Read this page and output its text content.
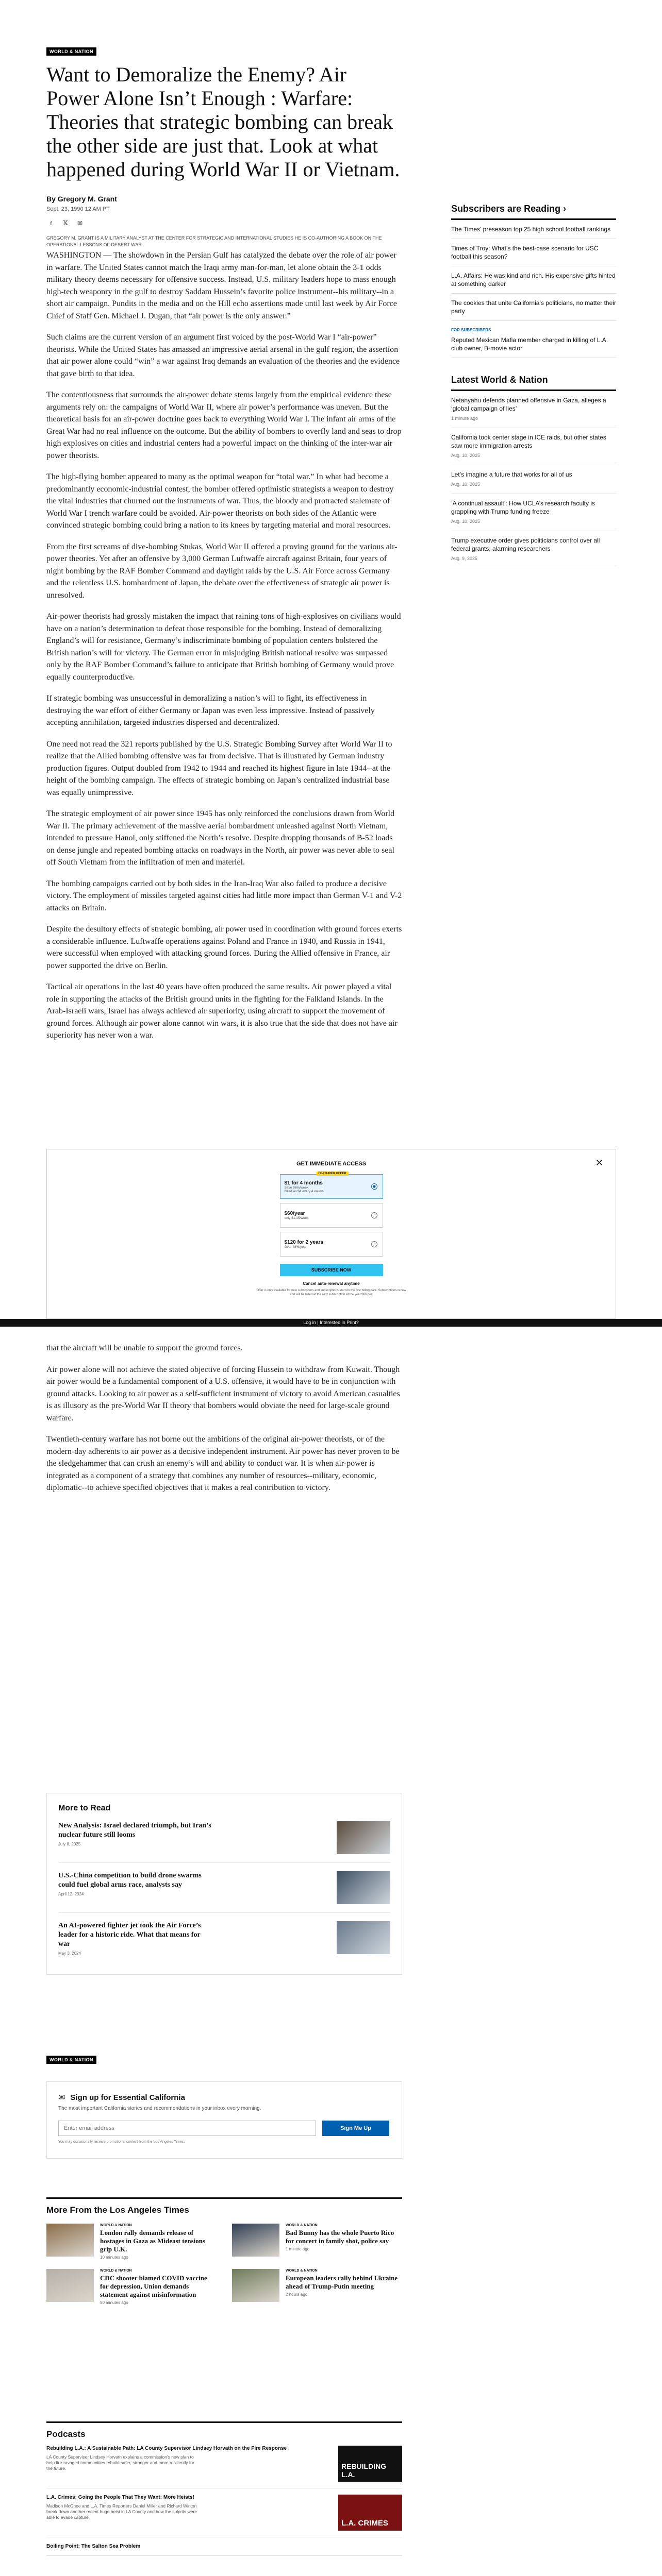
WORLD & NATION
Want to Demoralize the Enemy? Air Power Alone Isn’t Enough : Warfare: Theories that strategic bombing can break the other side are just that. Look at what happened during World War II or Vietnam.
By Gregory M. Grant
Sept. 23, 1990 12 AM PT
f	𝕏	✉
GREGORY M. GRANT IS A MILITARY ANALYST AT THE CENTER FOR STRATEGIC AND INTERNATIONAL STUDIES HE IS CO-AUTHORING A BOOK ON THE OPERATIONAL LESSONS OF DESERT WAR

WASHINGTON — The showdown in the Persian Gulf has catalyzed the debate over the role of air power in warfare. The United States cannot match the Iraqi army man-for-man, let alone obtain the 3-1 odds military theory deems necessary for offensive success. Instead, U.S. military leaders hope to mass enough high-tech weaponry in the gulf to destroy Saddam Hussein’s favorite police instrument--his military--in a short air campaign. Pundits in the media and on the Hill echo assertions made until last week by Air Force Chief of Staff Gen. Michael J. Dugan, that “air power is the only answer.”

Such claims are the current version of an argument first voiced by the post-World War I “air-power” theorists. While the United States has amassed an impressive aerial arsenal in the gulf region, the assertion that air power alone could “win” a war against Iraq demands an evaluation of the theories and the evidence that gave birth to that idea.

The contentiousness that surrounds the air-power debate stems largely from the empirical evidence these arguments rely on: the campaigns of World War II, where air power’s performance was uneven. But the theoretical basis for an air-power doctrine goes back to everything World War I. The infant air arms of the Great War had no real influence on the outcome. But the ability of bombers to overfly land and seas to drop high explosives on cities and industrial centers had a powerful impact on the thinking of the inter-war air power theorists.

The high-flying bomber appeared to many as the optimal weapon for “total war.” In what had become a predominantly economic-industrial contest, the bomber offered optimistic strategists a weapon to destroy the vital industries that churned out the instruments of war. Thus, the bloody and protracted stalemate of World War I trench warfare could be avoided. Air-power theorists on both sides of the Atlantic were convinced strategic bombing could bring a nation to its knees by targeting material and moral resources.

From the first screams of dive-bombing Stukas, World War II offered a proving ground for the various air-power theories. Yet after an offensive by 3,000 German Luftwaffe aircraft against Britain, four years of night bombing by the RAF Bomber Command and daylight raids by the U.S. Air Force across Germany and the relentless U.S. bombardment of Japan, the debate over the effectiveness of strategic air power is unresolved.

Air-power theorists had grossly mistaken the impact that raining tons of high-explosives on civilians would have on a nation’s determination to defeat those responsible for the bombing. Instead of demoralizing England’s will for resistance, Germany’s indiscriminate bombing of population centers bolstered the British nation’s will for victory. The German error in misjudging British national resolve was surpassed only by the RAF Bomber Command’s failure to anticipate that British bombing of Germany would prove equally counterproductive.

If strategic bombing was unsuccessful in demoralizing a nation’s will to fight, its effectiveness in destroying the war effort of either Germany or Japan was even less impressive. Instead of passively accepting annihilation, targeted industries dispersed and decentralized.

One need not read the 321 reports published by the U.S. Strategic Bombing Survey after World War II to realize that the Allied bombing offensive was far from decisive. That is illustrated by German industry production figures. Output doubled from 1942 to 1944 and reached its highest figure in late 1944--at the height of the bombing campaign. The effects of strategic bombing on Japan’s centralized industrial base was equally unimpressive.

The strategic employment of air power since 1945 has only reinforced the conclusions drawn from World War II. The primary achievement of the massive aerial bombardment unleashed against North Vietnam, intended to pressure Hanoi, only stiffened the North’s resolve. Despite dropping thousands of B-52 loads on dense jungle and repeated bombing attacks on roadways in the North, air power was never able to seal off South Vietnam from the infiltration of men and materiel.

The bombing campaigns carried out by both sides in the Iran-Iraq War also failed to produce a decisive victory. The employment of missiles targeted against cities had little more impact than German V-1 and V-2 attacks on Britain.

Despite the desultory effects of strategic bombing, air power used in coordination with ground forces exerts a considerable influence. Luftwaffe operations against Poland and France in 1940, and Russia in 1941, were successful when employed with attacking ground forces. During the Allied offensive in France, air power supported the drive on Berlin.

Tactical air operations in the last 40 years have often produced the same results. Air power played a vital role in supporting the attacks of the British ground units in the fighting for the Falkland Islands. In the Arab-Israeli wars, Israel has always achieved air superiority, using aircraft to support the movement of ground forces. Although air power alone cannot win wars, it is also true that the side that does not have air superiority has never won a war.

Subscribers are Reading ›
The Times’ preseason top 25 high school football rankings
Times of Troy: What’s the best-case scenario for USC football this season?
L.A. Affairs: He was kind and rich. His expensive gifts hinted at something darker
The cookies that unite California’s politicians, no matter their party
FOR SUBSCRIBERS
Reputed Mexican Mafia member charged in killing of L.A. club owner, B-movie actor
Latest World & Nation
Netanyahu defends planned offensive in Gaza, alleges a ‘global campaign of lies’
1 minute ago
California took center stage in ICE raids, but other states saw more immigration arrests
Aug. 10, 2025
Let’s imagine a future that works for all of us
Aug. 10, 2025
‘A continual assault’: How UCLA’s research faculty is grappling with Trump funding freeze
Aug. 10, 2025
Trump executive order gives politicians control over all federal grants, alarming researchers
Aug. 9, 2025
GET IMMEDIATE ACCESS	✕
FEATURED OFFER
$1 for 4 months
Save 96%/week
billed as $4 every 4 weeks
$60/year
only $1.15/week
$120 for 2 years
Over 48%/year
SUBSCRIBE NOW
Cancel auto-renewal anytime
Offer is only available for new subscribers and subscriptions start on the first billing date. Subscriptions renew and will be billed at the next subscription at the year $86 per.
Log in | Interested in Print?

that the aircraft will be unable to support the ground forces.

Air power alone will not achieve the stated objective of forcing Hussein to withdraw from Kuwait. Though air power would be a fundamental component of a U.S. offensive, it would have to be in conjunction with ground attacks. Looking to air power as a self-sufficient instrument of victory to avoid American casualties is as illusory as the pre-World War II theory that bombers would obviate the need for large-scale ground warfare.

Twentieth-century warfare has not borne out the ambitions of the original air-power theorists, or of the modern-day adherents to air power as a decisive independent instrument. Air power has never proven to be the sledgehammer that can crush an enemy’s will and ability to conduct war. It is when air-power is integrated as a component of a strategy that combines any number of resources--military, economic, diplomatic--to achieve specified objectives that it makes a real contribution to victory.

More to Read
New Analysis: Israel declared triumph, but Iran’s nuclear future still looms
July 8, 2025
U.S.-China competition to build drone swarms could fuel global arms race, analysts say
April 12, 2024
An AI-powered fighter jet took the Air Force’s leader for a historic ride. What that means for war
May 3, 2024
WORLD & NATION
✉ Sign up for Essential California
The most important California stories and recommendations in your inbox every morning.
Enter email address
Sign Me Up
You may occasionally receive promotional content from the Los Angeles Times.
More From the Los Angeles Times
WORLD & NATION
London rally demands release of hostages in Gaza as Mideast tensions grip U.K.
10 minutes ago
WORLD & NATION
Bad Bunny has the whole Puerto Rico for concert in family shot, police say
1 minute ago
WORLD & NATION
CDC shooter blamed COVID vaccine for depression, Union demands statement against misinformation
50 minutes ago
WORLD & NATION
European leaders rally behind Ukraine ahead of Trump-Putin meeting
2 hours ago
Podcasts
Rebuilding L.A.: A Sustainable Path: LA County Supervisor Lindsey Horvath on the Fire Response

LA County Supervisor Lindsey Horvath explains a commission’s new plan to help fire-ravaged communities rebuild safer, stronger and more resiliently for the future.	REBUILDING L.A.
L.A. Crimes: Going the People That They Want: More Heists!

Madison McGhee and L.A. Times Reporters Daniel Miller and Richard Winton break down another recent huge heist in LA County and how the culprits were able to evade capture.

L.A. CRIMES
Boiling Point: The Salton Sea Problem
